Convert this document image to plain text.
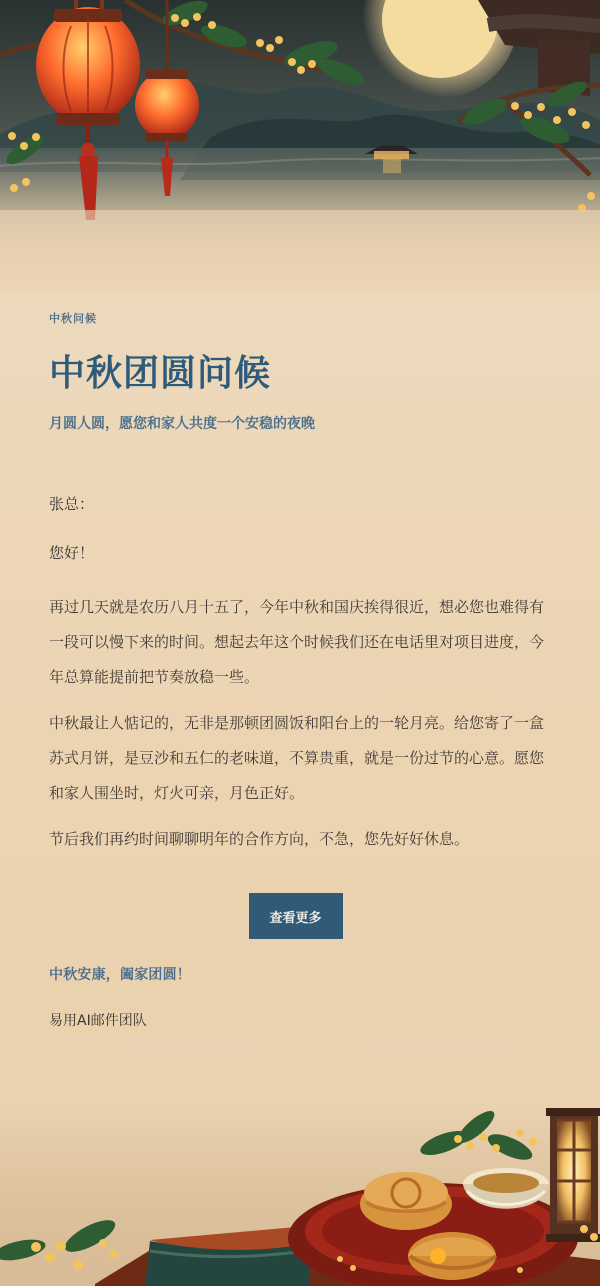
中秋问候

中秋团圆问候

月圆人圆，愿您和家人共度一个安稳的夜晚

张总：

您好！

再过几天就是农历八月十五了，今年中秋和国庆挨得很近，想必您也难得有一段可以慢下来的时间。想起去年这个时候我们还在电话里对项目进度，今年总算能提前把节奏放稳一些。

中秋最让人惦记的，无非是那顿团圆饭和阳台上的一轮月亮。给您寄了一盒苏式月饼，是豆沙和五仁的老味道，不算贵重，就是一份过节的心意。愿您和家人围坐时，灯火可亲，月色正好。

节后我们再约时间聊聊明年的合作方向，不急，您先好好休息。

查看更多

中秋安康，阖家团圆！

易用AI邮件团队
